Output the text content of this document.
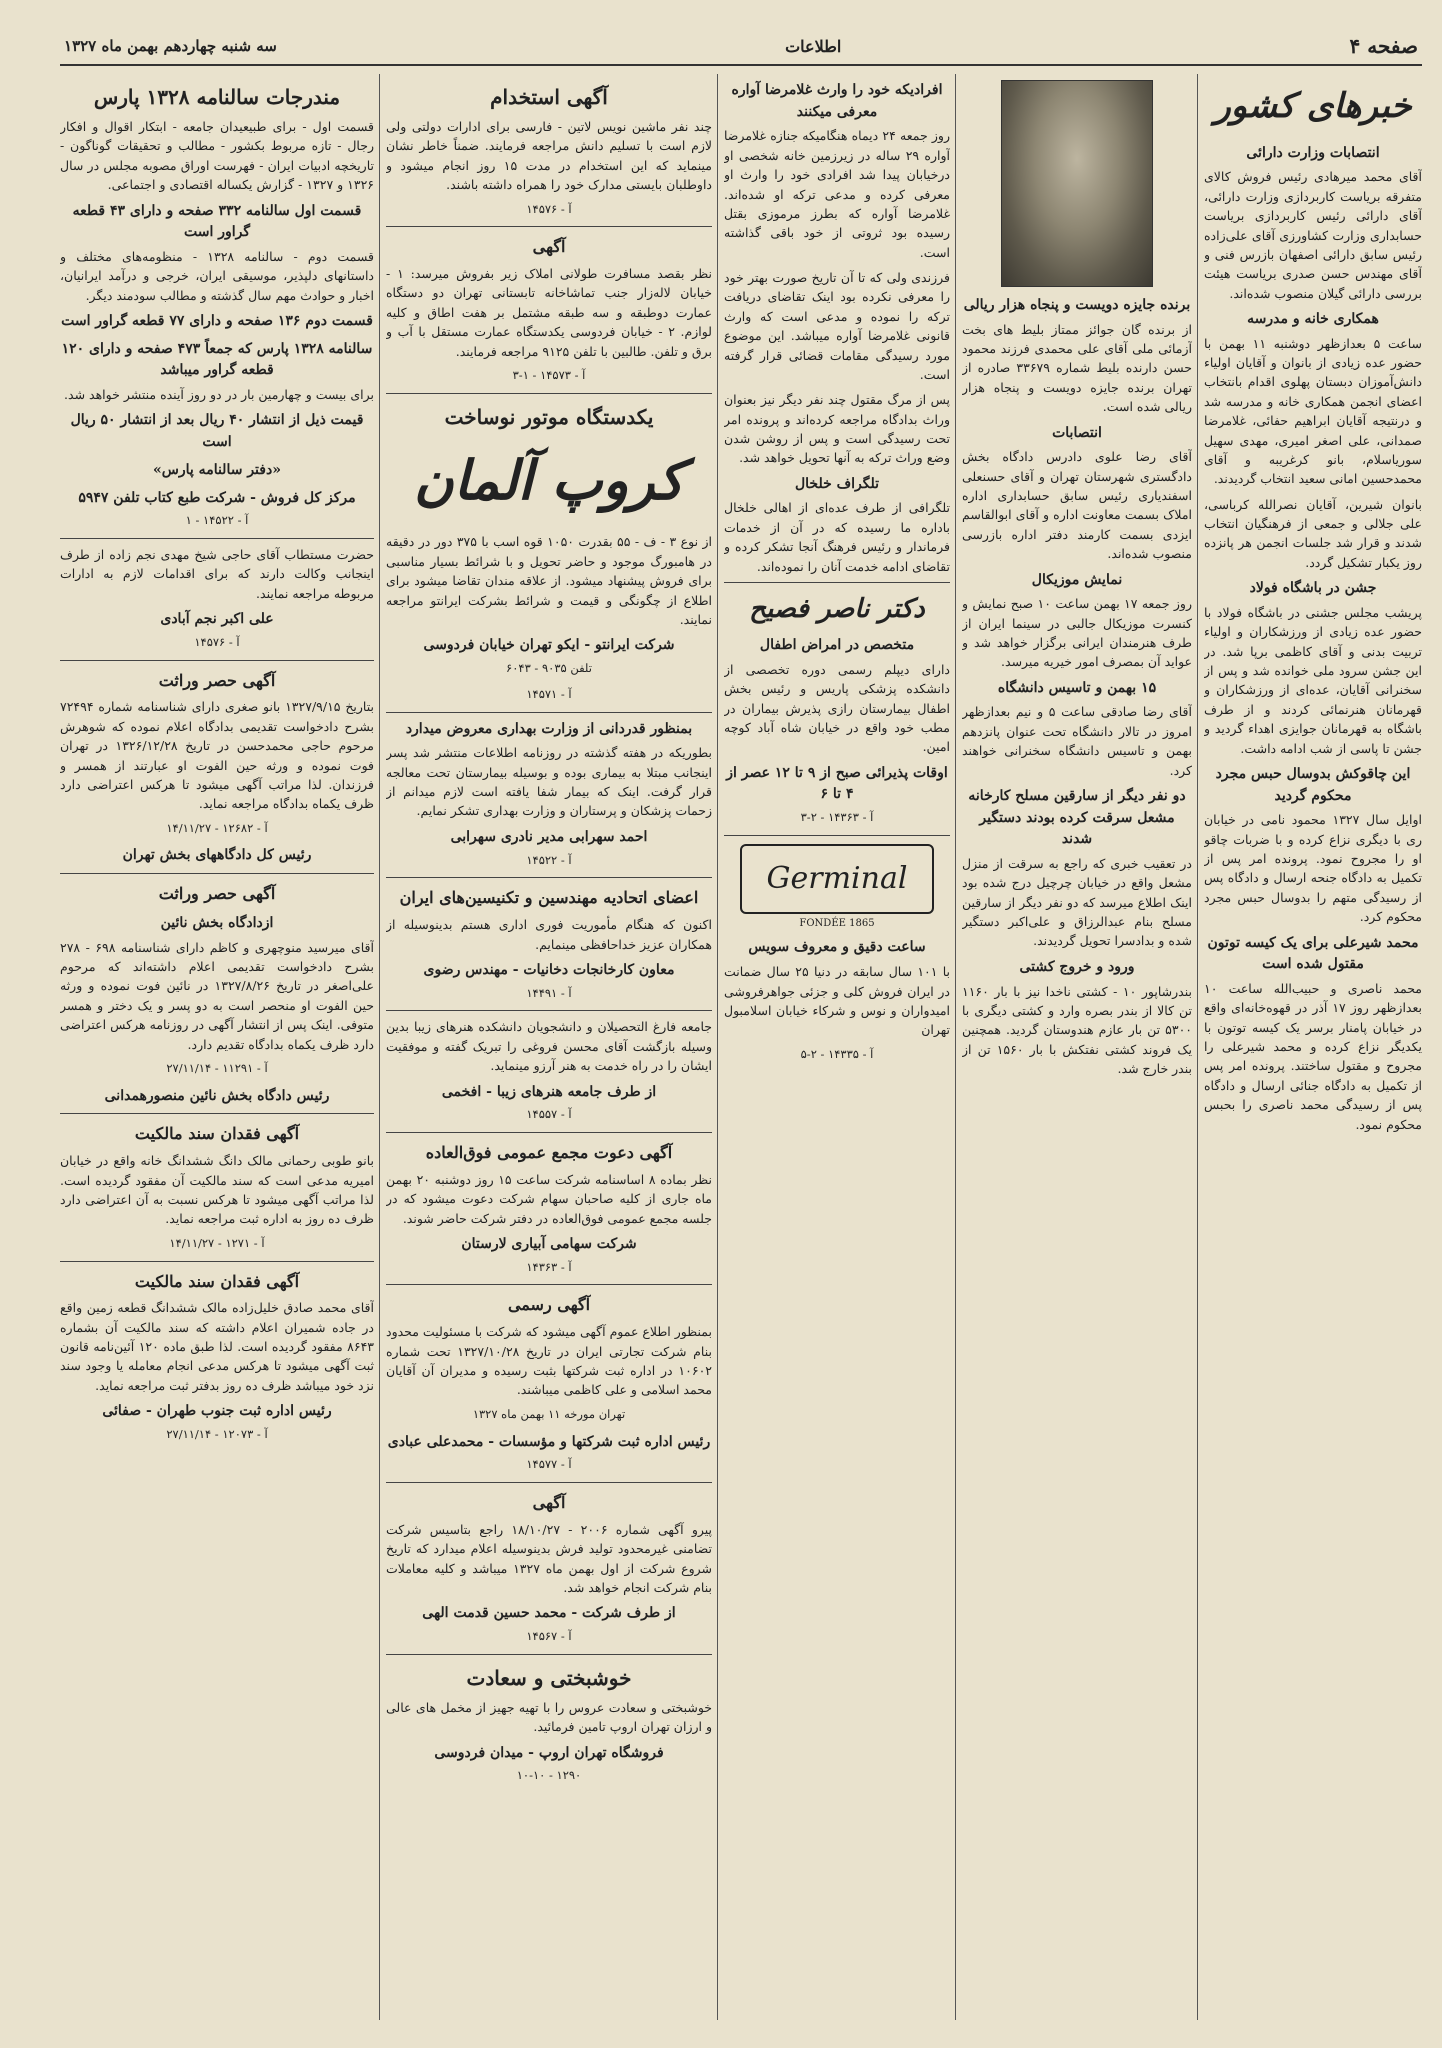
صفحه ۴
اطلاعات
سه شنبه چهاردهم بهمن ماه ۱۳۲۷
خبرهای کشور
انتصابات وزارت دارائی

آقای محمد میرهادی رئیس فروش کالای متفرقه بریاست کاربردازی وزارت دارائی، آقای دارائی رئیس کاربردازی بریاست حسابداری وزارت کشاورزی آقای علی‌زاده رئیس سابق دارائی اصفهان بازرس فنی و آقای مهندس حسن صدری بریاست هیئت بررسی دارائی گیلان منصوب شده‌اند.

همکاری خانه و مدرسه

ساعت ۵ بعدازظهر دوشنبه ۱۱ بهمن با حضور عده زیادی از بانوان و آقایان اولیاء دانش‌آموزان دبستان پهلوی اقدام بانتخاب اعضای انجمن همکاری خانه و مدرسه شد و درنتیجه آقایان ابراهیم حفائی، غلامرضا صمدانی، علی اصغر امیری، مهدی سهیل سوریاسلام، بانو کرغریبه و آقای محمدحسین امانی سعید انتخاب گردیدند.

بانوان شیرین، آقایان نصرالله کرباسی، علی جلالی و جمعی از فرهنگیان انتخاب شدند و قرار شد جلسات انجمن هر پانزده روز یکبار تشکیل گردد.

جشن در باشگاه فولاد

پریشب مجلس جشنی در باشگاه فولاد با حضور عده زیادی از ورزشکاران و اولیاء تربیت بدنی و آقای کاظمی برپا شد. در این جشن سرود ملی خوانده شد و پس از سخنرانی آقایان، عده‌ای از ورزشکاران و قهرمانان هنرنمائی کردند و از طرف باشگاه به قهرمانان جوایزی اهداء گردید و جشن تا پاسی از شب ادامه داشت.

این چاقوکش بدوسال حبس مجرد محکوم گردید

اوایل سال ۱۳۲۷ محمود نامی در خیابان ری با دیگری نزاع کرده و با ضربات چاقو او را مجروح نمود. پرونده امر پس از تکمیل به دادگاه جنحه ارسال و دادگاه پس از رسیدگی متهم را بدوسال حبس مجرد محکوم کرد.

محمد شیرعلی برای یک کیسه توتون مقتول شده است

محمد ناصری و حبیب‌الله ساعت ۱۰ بعدازظهر روز ۱۷ آذر در قهوه‌خانه‌ای واقع در خیابان پامنار برسر یک کیسه توتون با یکدیگر نزاع کرده و محمد شیرعلی را مجروح و مقتول ساختند. پرونده امر پس از تکمیل به دادگاه جنائی ارسال و دادگاه پس از رسیدگی محمد ناصری را بحبس محکوم نمود.

برنده جایزه دویست و پنجاه هزار ریالی

از برنده گان جوائز ممتاز بلیط های بخت آزمائی ملی آقای علی محمدی فرزند محمود حسن دارنده بلیط شماره ۳۳۶۷۹ صادره از تهران برنده جایزه دویست و پنجاه هزار ریالی شده است.

انتصابات

آقای رضا علوی دادرس دادگاه بخش دادگستری شهرستان تهران و آقای حسنعلی اسفندیاری رئیس سابق حسابداری اداره املاک بسمت معاونت اداره و آقای ابوالقاسم ایزدی بسمت کارمند دفتر اداره بازرسی منصوب شده‌اند.

نمایش موزیکال

روز جمعه ۱۷ بهمن ساعت ۱۰ صبح نمایش و کنسرت موزیکال جالبی در سینما ایران از طرف هنرمندان ایرانی برگزار خواهد شد و عواید آن بمصرف امور خیریه میرسد.

۱۵ بهمن و تاسیس دانشگاه

آقای رضا صادقی ساعت ۵ و نیم بعدازظهر امروز در تالار دانشگاه تحت عنوان پانزدهم بهمن و تاسیس دانشگاه سخنرانی خواهند کرد.

دو نفر دیگر از سارقین مسلح کارخانه مشعل سرقت کرده بودند دستگیر شدند

در تعقیب خبری که راجع به سرقت از منزل مشعل واقع در خیابان چرچیل درج شده بود اینک اطلاع میرسد که دو نفر دیگر از سارقین مسلح بنام عبدالرزاق و علی‌اکبر دستگیر شده و بدادسرا تحویل گردیدند.

ورود و خروج کشتی

بندرشاپور ۱۰ - کشتی ناخدا نیز با بار ۱۱۶۰ تن کالا از بندر بصره وارد و کشتی دیگری با ۵۳۰۰ تن بار عازم هندوستان گردید. همچنین یک فروند کشتی نفتکش با بار ۱۵۶۰ تن از بندر خارج شد.

افرادیکه خود را وارث غلامرضا آواره معرفی میکنند

روز جمعه ۲۴ دیماه هنگامیکه جنازه غلامرضا آواره ۲۹ ساله در زیرزمین خانه شخصی او درخیابان پیدا شد افرادی خود را وارث او معرفی کرده و مدعی ترکه او شده‌اند. غلامرضا آواره که بطرز مرموزی بقتل رسیده بود ثروتی از خود باقی گذاشته است.

فرزندی ولی که تا آن تاریخ صورت بهتر خود را معرفی نکرده بود اینک تقاضای دریافت ترکه را نموده و مدعی است که وارث قانونی غلامرضا آواره میباشد. این موضوع مورد رسیدگی مقامات قضائی قرار گرفته است.

پس از مرگ مقتول چند نفر دیگر نیز بعنوان وراث بدادگاه مراجعه کرده‌اند و پرونده امر تحت رسیدگی است و پس از روشن شدن وضع وراث ترکه به آنها تحویل خواهد شد.

تلگراف خلخال

تلگرافی از طرف عده‌ای از اهالی خلخال باداره ما رسیده که در آن از خدمات فرماندار و رئیس فرهنگ آنجا تشکر کرده و تقاضای ادامه خدمت آنان را نموده‌اند.

دکتر ناصر فصیح
متخصص در امراض اطفال

دارای دیپلم رسمی دوره تخصصی از دانشکده پزشکی پاریس و رئیس بخش اطفال بیمارستان رازی پذیرش بیماران در مطب خود واقع در خیابان شاه آباد کوچه امین.

اوقات پذیرائی صبح از ۹ تا ۱۲ عصر از ۴ تا ۶
آ - ۱۴۳۶۳ - ۲-۳
Germinal
FONDÉE 1865
ساعت دقیق و معروف سویس

با ۱۰۱ سال سابقه در دنیا ۲۵ سال ضمانت در ایران فروش کلی و جزئی جواهرفروشی امیدواران و نوس و شرکاء خیابان اسلامبول تهران

آ - ۱۴۳۳۵ - ۲-۵
آگهی استخدام

چند نفر ماشین نویس لاتین - فارسی برای ادارات دولتی ولی لازم است با تسلیم دانش مراجعه فرمایند. ضمناً خاطر نشان مینماید که این استخدام در مدت ۱۵ روز انجام میشود و داوطلبان بایستی مدارک خود را همراه داشته باشند.

آ - ۱۴۵۷۶
آگهی

نظر بقصد مسافرت طولانی املاک زیر بفروش میرسد: ۱ - خیابان لاله‌زار جنب تماشاخانه تابستانی تهران دو دستگاه عمارت دوطبقه و سه طبقه مشتمل بر هفت اطاق و کلیه لوازم. ۲ - خیابان فردوسی یکدستگاه عمارت مستقل با آب و برق و تلفن. طالبین با تلفن ۹۱۲۵ مراجعه فرمایند.

آ - ۱۴۵۷۳ - ۱-۳
یکدستگاه موتور نوساخت
کروپ آلمان

از نوع ۳ - ف - ۵۵ بقدرت ۱۰۵۰ قوه اسب با ۳۷۵ دور در دقیقه در هامبورگ موجود و حاضر تحویل و با شرائط بسیار مناسبی برای فروش پیشنهاد میشود. از علاقه مندان تقاضا میشود برای اطلاع از چگونگی و قیمت و شرائط بشرکت ایرانتو مراجعه نمایند.

شرکت ایرانتو - ایکو تهران خیابان فردوسی
تلفن ۹۰۳۵ - ۶۰۴۳
آ - ۱۴۵۷۱
بمنظور قدردانی از وزارت بهداری معروض میدارد

بطوریکه در هفته گذشته در روزنامه اطلاعات منتشر شد پسر اینجانب مبتلا به بیماری بوده و بوسیله بیمارستان تحت معالجه قرار گرفت. اینک که بیمار شفا یافته است لازم میدانم از زحمات پزشکان و پرستاران و وزارت بهداری تشکر نمایم.

احمد سهرابی مدیر نادری سهرابی
آ - ۱۴۵۲۲
اعضای اتحادیه مهندسین و تکنیسین‌های ایران

اکنون که هنگام مأموریت فوری اداری هستم بدینوسیله از همکاران عزیز خداحافظی مینمایم.

معاون کارخانجات دخانیات - مهندس رضوی
آ - ۱۴۴۹۱

جامعه فارغ التحصیلان و دانشجویان دانشکده هنرهای زیبا بدین وسیله بازگشت آقای محسن فروغی را تبریک گفته و موفقیت ایشان را در راه خدمت به هنر آرزو مینماید.

از طرف جامعه هنرهای زیبا - افخمی
آ - ۱۴۵۵۷
آگهی دعوت مجمع عمومی فوق‌العاده

نظر بماده ۸ اساسنامه شرکت ساعت ۱۵ روز دوشنبه ۲۰ بهمن ماه جاری از کلیه صاحبان سهام شرکت دعوت میشود که در جلسه مجمع عمومی فوق‌العاده در دفتر شرکت حاضر شوند.

شرکت سهامی آبیاری لارستان
آ - ۱۴۳۶۳
آگهی رسمی

بمنظور اطلاع عموم آگهی میشود که شرکت با مسئولیت محدود بنام شرکت تجارتی ایران در تاریخ ۱۳۲۷/۱۰/۲۸ تحت شماره ۱۰۶۰۲ در اداره ثبت شرکتها بثبت رسیده و مدیران آن آقایان محمد اسلامی و علی کاظمی میباشند.

تهران مورخه ۱۱ بهمن ماه ۱۳۲۷
رئیس اداره ثبت شرکتها و مؤسسات - محمدعلی عبادی
آ - ۱۴۵۷۷
آگهی

پیرو آگهی شماره ۲۰۰۶ - ۱۸/۱۰/۲۷ راجع بتاسیس شرکت تضامنی غیرمحدود تولید فرش بدینوسیله اعلام میدارد که تاریخ شروع شرکت از اول بهمن ماه ۱۳۲۷ میباشد و کلیه معاملات بنام شرکت انجام خواهد شد.

از طرف شرکت - محمد حسین قدمت الهی
آ - ۱۴۵۶۷
خوشبختی و سعادت

خوشبختی و سعادت عروس را با تهیه جهیز از مخمل های عالی و ارزان تهران اروپ تامین فرمائید.

فروشگاه تهران اروپ - میدان فردوسی
۱۲۹۰ - ۱۰-۱۰
مندرجات سالنامه ۱۳۲۸ پارس

قسمت اول - برای طبیعیدان جامعه - ابتکار اقوال و افکار رجال - تازه مربوط بکشور - مطالب و تحقیقات گوناگون - تاریخچه ادبیات ایران - فهرست اوراق مصوبه مجلس در سال ۱۳۲۶ و ۱۳۲۷ - گزارش یکساله اقتصادی و اجتماعی.

قسمت اول سالنامه ۳۳۲ صفحه و دارای ۴۳ قطعه گراور است

قسمت دوم - سالنامه ۱۳۲۸ - منظومه‌های مختلف و داستانهای دلپذیر، موسیقی ایران، خرجی و درآمد ایرانیان، اخبار و حوادث مهم سال گذشته و مطالب سودمند دیگر.

قسمت دوم ۱۳۶ صفحه و دارای ۷۷ قطعه گراور است
سالنامه ۱۳۲۸ پارس که جمعاً ۴۷۳ صفحه و دارای ۱۲۰ قطعه گراور میباشد

برای بیست و چهارمین بار در دو روز آینده منتشر خواهد شد.

قیمت ذیل از انتشار ۴۰ ریال بعد از انتشار ۵۰ ریال است
«دفتر سالنامه پارس»
مرکز کل فروش - شرکت طبع کتاب تلفن ۵۹۴۷
آ - ۱۴۵۲۲ - ۱

حضرت مستطاب آقای حاجی شیخ مهدی نجم زاده از طرف اینجانب وکالت دارند که برای اقدامات لازم به ادارات مربوطه مراجعه نمایند.

علی اکبر نجم آبادی
آ - ۱۴۵۷۶
آگهی حصر وراثت

بتاریخ ۱۳۲۷/۹/۱۵ بانو صغری دارای شناسنامه شماره ۷۲۴۹۴ بشرح دادخواست تقدیمی بدادگاه اعلام نموده که شوهرش مرحوم حاجی محمدحسن در تاریخ ۱۳۲۶/۱۲/۲۸ در تهران فوت نموده و ورثه حین الفوت او عبارتند از همسر و فرزندان. لذا مراتب آگهی میشود تا هرکس اعتراضی دارد ظرف یکماه بدادگاه مراجعه نماید.

آ - ۱۲۶۸۲ - ۱۴/۱۱/۲۷
رئیس کل دادگاههای بخش تهران
آگهی حصر وراثت
ازدادگاه بخش نائین

آقای میرسید منوچهری و کاظم دارای شناسنامه ۶۹۸ - ۲۷۸ بشرح دادخواست تقدیمی اعلام داشته‌اند که مرحوم علی‌اصغر در تاریخ ۱۳۲۷/۸/۲۶ در نائین فوت نموده و ورثه حین الفوت او منحصر است به دو پسر و یک دختر و همسر متوفی. اینک پس از انتشار آگهی در روزنامه هرکس اعتراضی دارد ظرف یکماه بدادگاه تقدیم دارد.

آ - ۱۱۲۹۱ - ۲۷/۱۱/۱۴
رئیس دادگاه بخش نائین منصورهمدانی
آگهی فقدان سند مالکیت

بانو طوبی رحمانی مالک دانگ ششدانگ خانه واقع در خیابان امیریه مدعی است که سند مالکیت آن مفقود گردیده است. لذا مراتب آگهی میشود تا هرکس نسبت به آن اعتراضی دارد ظرف ده روز به اداره ثبت مراجعه نماید.

آ - ۱۲۷۱ - ۱۴/۱۱/۲۷
آگهی فقدان سند مالکیت

آقای محمد صادق خلیل‌زاده مالک ششدانگ قطعه زمین واقع در جاده شمیران اعلام داشته که سند مالکیت آن بشماره ۸۶۴۳ مفقود گردیده است. لذا طبق ماده ۱۲۰ آئین‌نامه قانون ثبت آگهی میشود تا هرکس مدعی انجام معامله یا وجود سند نزد خود میباشد ظرف ده روز بدفتر ثبت مراجعه نماید.

رئیس اداره ثبت جنوب طهران - صفائی
آ - ۱۲۰۷۳ - ۲۷/۱۱/۱۴
